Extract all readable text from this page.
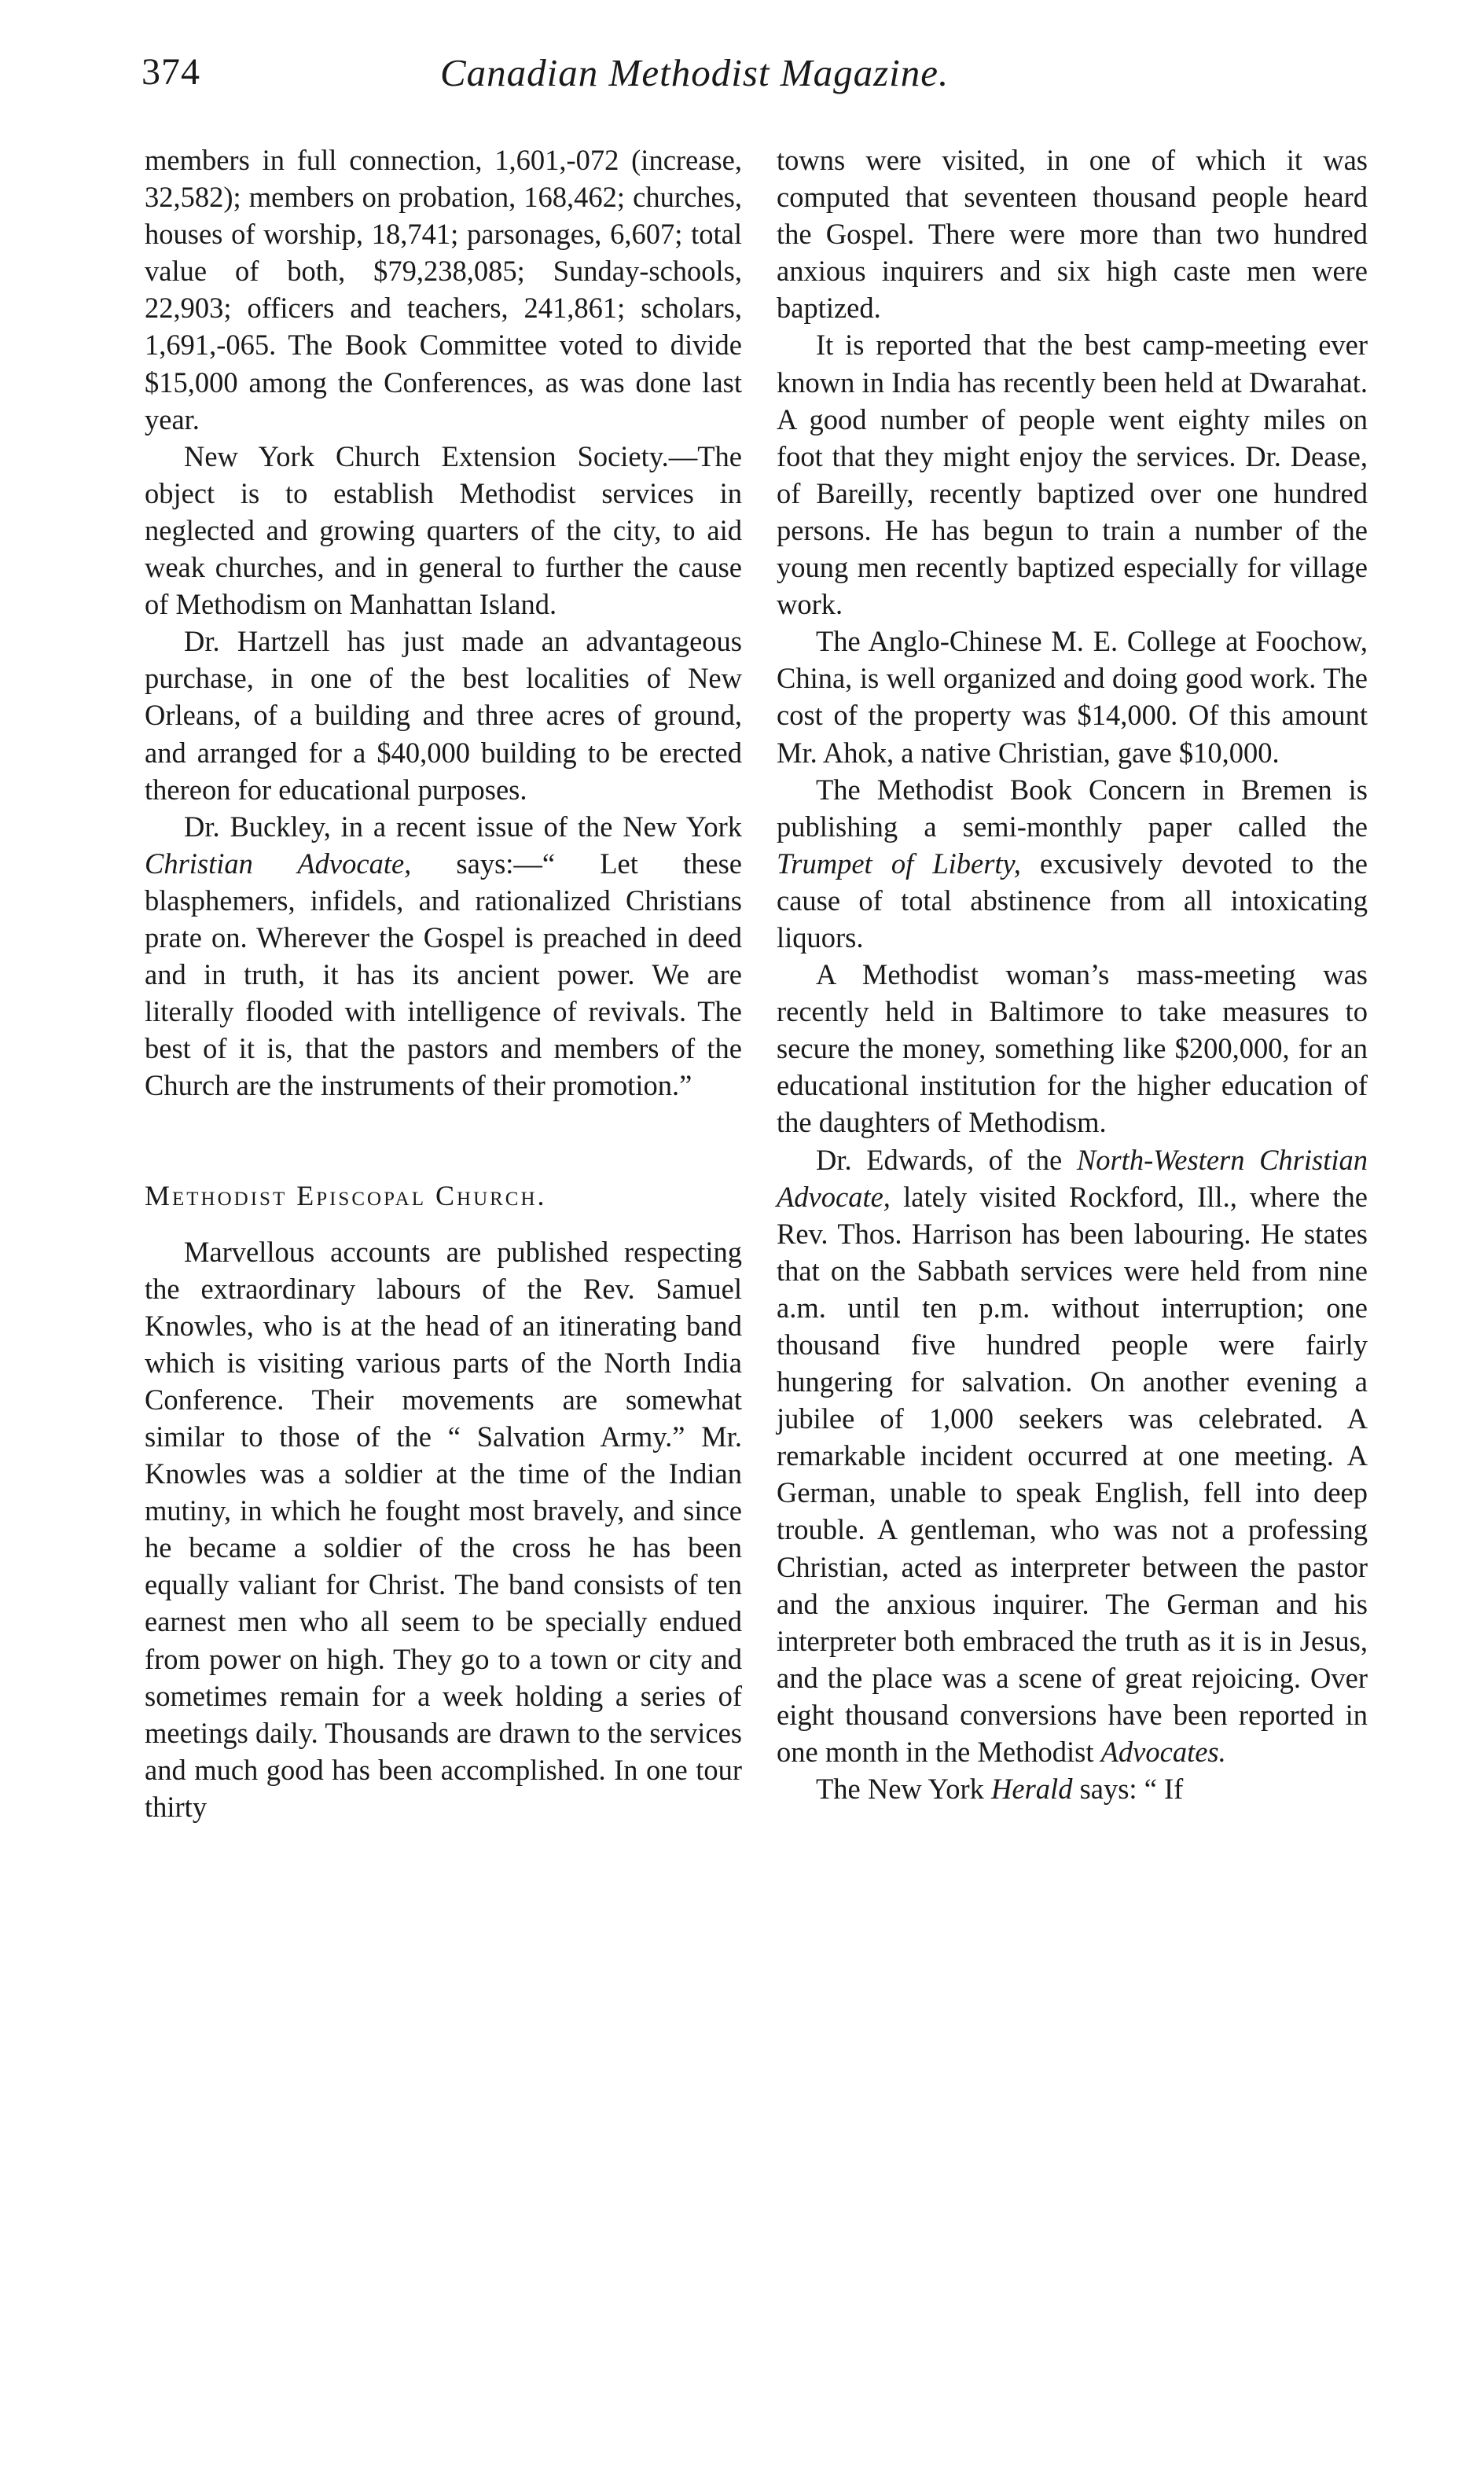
374	Canadian Methodist Magazine.

members in full connection, 1,601,-072 (increase, 32,582); members on probation, 168,462; churches, houses of worship, 18,741; parsonages, 6,607; total value of both, $79,238,085; Sunday-schools, 22,903; officers and teachers, 241,861; scholars, 1,691,-065. The Book Committee voted to divide $15,000 among the Conferences, as was done last year.

New York Church Extension Society.—The object is to establish Methodist services in neglected and growing quarters of the city, to aid weak churches, and in general to further the cause of Methodism on Manhattan Island.

Dr. Hartzell has just made an advantageous purchase, in one of the best localities of New Orleans, of a building and three acres of ground, and arranged for a $40,000 building to be erected thereon for educational purposes.

Dr. Buckley, in a recent issue of the New York Christian Advocate, says:—“ Let these blasphemers, infidels, and rationalized Christians prate on. Wherever the Gospel is preached in deed and in truth, it has its ancient power. We are literally flooded with intelligence of revivals. The best of it is, that the pastors and members of the Church are the instruments of their promotion.”

Methodist Episcopal Church.

Marvellous accounts are published respecting the extraordinary labours of the Rev. Samuel Knowles, who is at the head of an itinerating band which is visiting various parts of the North India Conference. Their movements are somewhat similar to those of the “ Salvation Army.” Mr. Knowles was a soldier at the time of the Indian mutiny, in which he fought most bravely, and since he became a soldier of the cross he has been equally valiant for Christ. The band consists of ten earnest men who all seem to be specially endued from power on high. They go to a town or city and sometimes remain for a week holding a series of meetings daily. Thousands are drawn to the services and much good has been accomplished. In one tour thirty

towns were visited, in one of which it was computed that seventeen thousand people heard the Gospel. There were more than two hundred anxious inquirers and six high caste men were baptized.

It is reported that the best camp-meeting ever known in India has recently been held at Dwarahat. A good number of people went eighty miles on foot that they might enjoy the services. Dr. Dease, of Bareilly, recently baptized over one hundred persons. He has begun to train a number of the young men recently baptized especially for village work.

The Anglo-Chinese M. E. College at Foochow, China, is well organized and doing good work. The cost of the property was $14,000. Of this amount Mr. Ahok, a native Christian, gave $10,000.

The Methodist Book Concern in Bremen is publishing a semi-monthly paper called the Trumpet of Liberty, excusively devoted to the cause of total abstinence from all intoxicating liquors.

A Methodist woman’s mass-meeting was recently held in Baltimore to take measures to secure the money, something like $200,000, for an educational institution for the higher education of the daughters of Methodism.

Dr. Edwards, of the North-Western Christian Advocate, lately visited Rockford, Ill., where the Rev. Thos. Harrison has been labouring. He states that on the Sabbath services were held from nine a.m. until ten p.m. without interruption; one thousand five hundred people were fairly hungering for salvation. On another evening a jubilee of 1,000 seekers was celebrated. A remarkable incident occurred at one meeting. A German, unable to speak English, fell into deep trouble. A gentleman, who was not a professing Christian, acted as interpreter between the pastor and the anxious inquirer. The German and his interpreter both embraced the truth as it is in Jesus, and the place was a scene of great rejoicing. Over eight thousand conversions have been reported in one month in the Methodist Advocates.

The New York Herald says: “ If
